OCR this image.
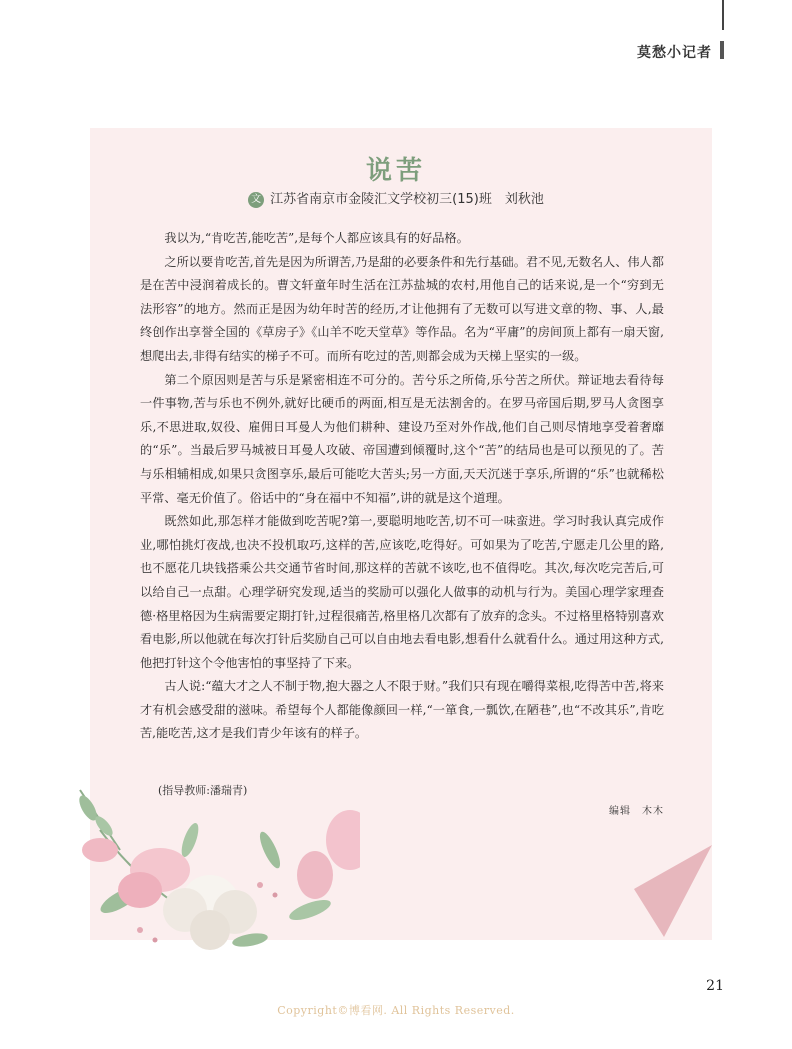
莫愁小记者
说苦
文 江苏省南京市金陵汇文学校初三(15)班　刘秋池

我以为,“肯吃苦,能吃苦”,是每个人都应该具有的好品格。

之所以要肯吃苦,首先是因为所谓苦,乃是甜的必要条件和先行基础。君不见,无数名人、伟人都是在苦中浸润着成长的。曹文轩童年时生活在江苏盐城的农村,用他自己的话来说,是一个“穷到无法形容”的地方。然而正是因为幼年时苦的经历,才让他拥有了无数可以写进文章的物、事、人,最终创作出享誉全国的《草房子》《山羊不吃天堂草》等作品。名为“平庸”的房间顶上都有一扇天窗,想爬出去,非得有结实的梯子不可。而所有吃过的苦,则都会成为天梯上坚实的一级。

第二个原因则是苦与乐是紧密相连不可分的。苦兮乐之所倚,乐兮苦之所伏。辩证地去看待每一件事物,苦与乐也不例外,就好比硬币的两面,相互是无法割舍的。在罗马帝国后期,罗马人贪图享乐,不思进取,奴役、雇佣日耳曼人为他们耕种、建设乃至对外作战,他们自己则尽情地享受着奢靡的“乐”。当最后罗马城被日耳曼人攻破、帝国遭到倾覆时,这个“苦”的结局也是可以预见的了。苦与乐相辅相成,如果只贪图享乐,最后可能吃大苦头;另一方面,天天沉迷于享乐,所谓的“乐”也就稀松平常、毫无价值了。俗话中的“身在福中不知福”,讲的就是这个道理。

既然如此,那怎样才能做到吃苦呢?第一,要聪明地吃苦,切不可一味蛮进。学习时我认真完成作业,哪怕挑灯夜战,也决不投机取巧,这样的苦,应该吃,吃得好。可如果为了吃苦,宁愿走几公里的路,也不愿花几块钱搭乘公共交通节省时间,那这样的苦就不该吃,也不值得吃。其次,每次吃完苦后,可以给自己一点甜。心理学研究发现,适当的奖励可以强化人做事的动机与行为。美国心理学家理查德·格里格因为生病需要定期打针,过程很痛苦,格里格几次都有了放弃的念头。不过格里格特别喜欢看电影,所以他就在每次打针后奖励自己可以自由地去看电影,想看什么就看什么。通过用这种方式,他把打针这个令他害怕的事坚持了下来。

古人说:“蕴大才之人不制于物,抱大器之人不限于财。”我们只有现在嚼得菜根,吃得苦中苦,将来才有机会感受甜的滋味。希望每个人都能像颜回一样,“一箪食,一瓢饮,在陋巷”,也“不改其乐”,肯吃苦,能吃苦,这才是我们青少年该有的样子。

(指导教师:潘瑞青)
编辑　木木
21
Copyright©博看网. All Rights Reserved.
